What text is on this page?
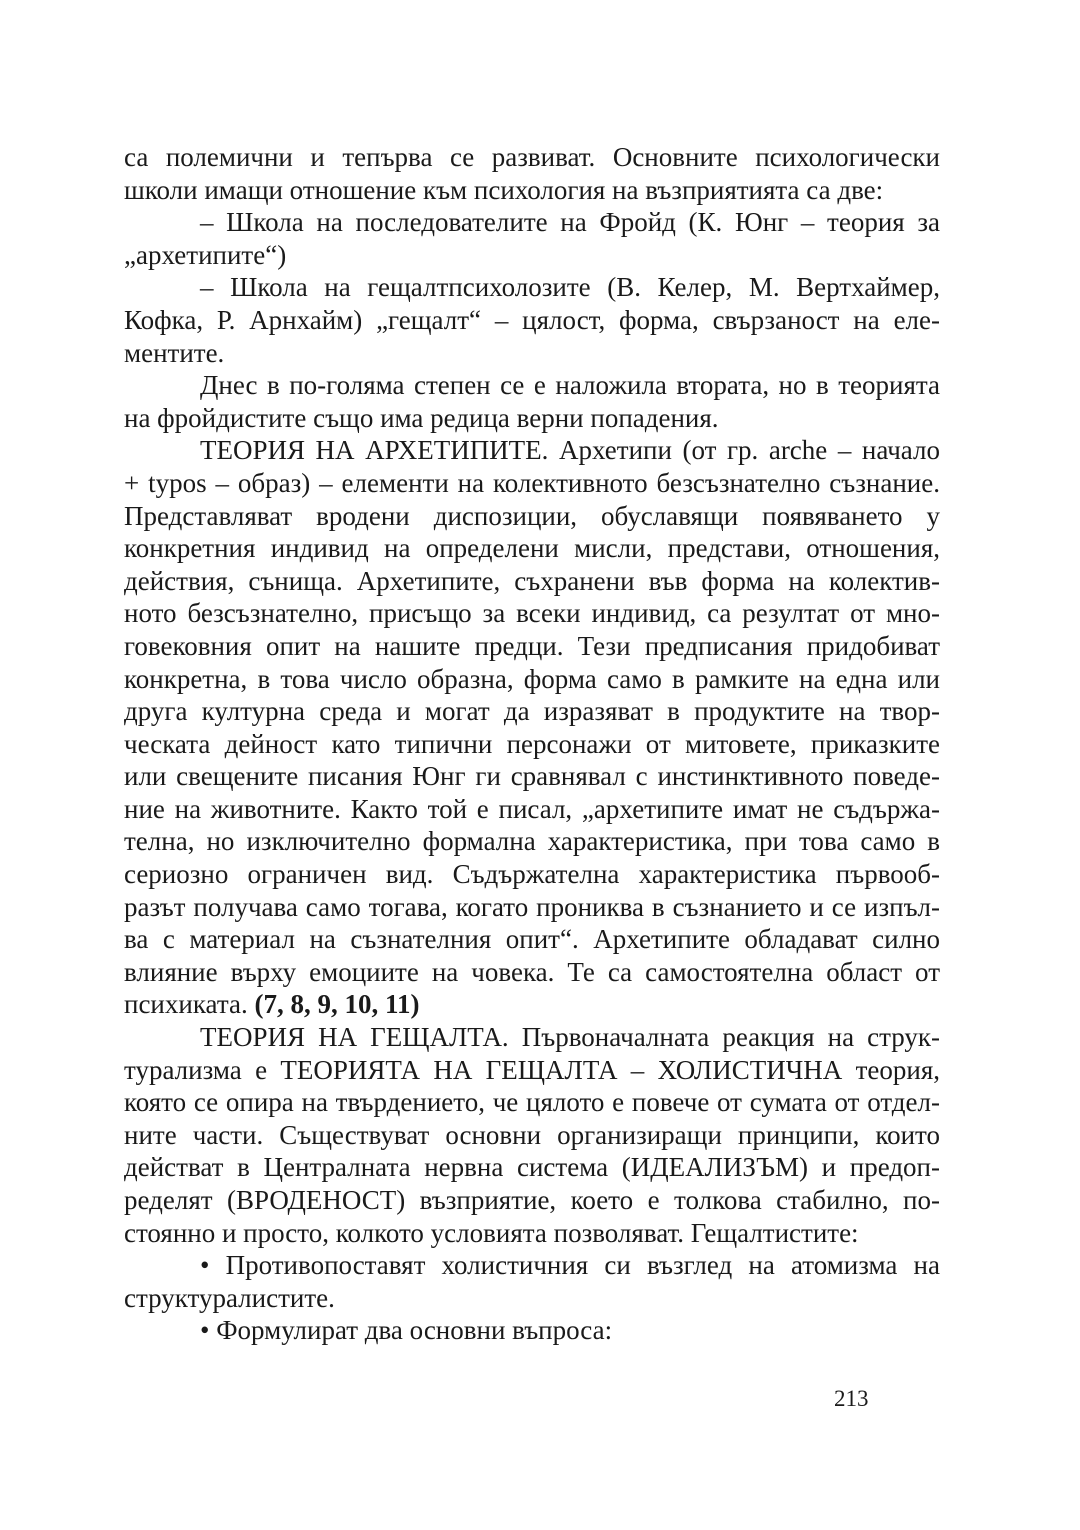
са полемични и тепърва се развиват. Основните психологически
школи имащи отношение към психология на възприятията са две:
– Школа на последователите на Фройд (К. Юнг – теория за
„архетипите“)
– Школа на гещалтпсихолозите (В. Келер, М. Вертхаймер,
Кофка, Р. Арнхайм) „гещалт“ – цялост, форма, свързаност на еле-
ментите.
Днес в по-голяма степен се е наложила втората, но в теорията
на фройдистите също има редица верни попадения.
ТЕОРИЯ НА АРХЕТИПИТЕ. Архетипи (от гр. arche – начало
+ typos – образ) – елементи на колективното безсъзнателно съзнание.
Представляват вродени диспозиции, обуславящи появяването у
конкретния индивид на определени мисли, представи, отношения,
действия, сънища. Архетипите, съхранени във форма на колектив-
ното безсъзнателно, присъщо за всеки индивид, са резултат от мно-
говековния опит на нашите предци. Тези предписания придобиват
конкретна, в това число образна, форма само в рамките на една или
друга културна среда и могат да изразяват в продуктите на твор-
ческата дейност като типични персонажи от митовете, приказките
или свещените писания Юнг ги сравнявал с инстинктивното поведе-
ние на животните. Както той е писал, „архетипите имат не съдържа-
телна, но изключително формална характеристика, при това само в
сериозно ограничен вид. Съдържателна характеристика първооб-
разът получава само тогава, когато прониква в съзнанието и се изпъл-
ва с материал на съзнателния опит“. Архетипите обладават силно
влияние върху емоциите на човека. Те са самостоятелна област от
психиката. (7, 8, 9, 10, 11)
ТЕОРИЯ НА ГЕЩАЛТА. Първоначалната реакция на струк-
турализма е ТЕОРИЯТА НА ГЕЩАЛТА – ХОЛИСТИЧНА теория,
която се опира на твърдението, че цялото е повече от сумата от отдел-
ните части. Съществуват основни организиращи принципи, които
действат в Централната нервна система (ИДЕАЛИЗЪМ) и предоп-
ределят (ВРОДЕНОСТ) възприятие, което е толкова стабилно, по-
стоянно и просто, колкото условията позволяват. Гещалтистите:
• Противопоставят холистичния си възглед на атомизма на
структуралистите.
• Формулират два основни въпроса:
213
